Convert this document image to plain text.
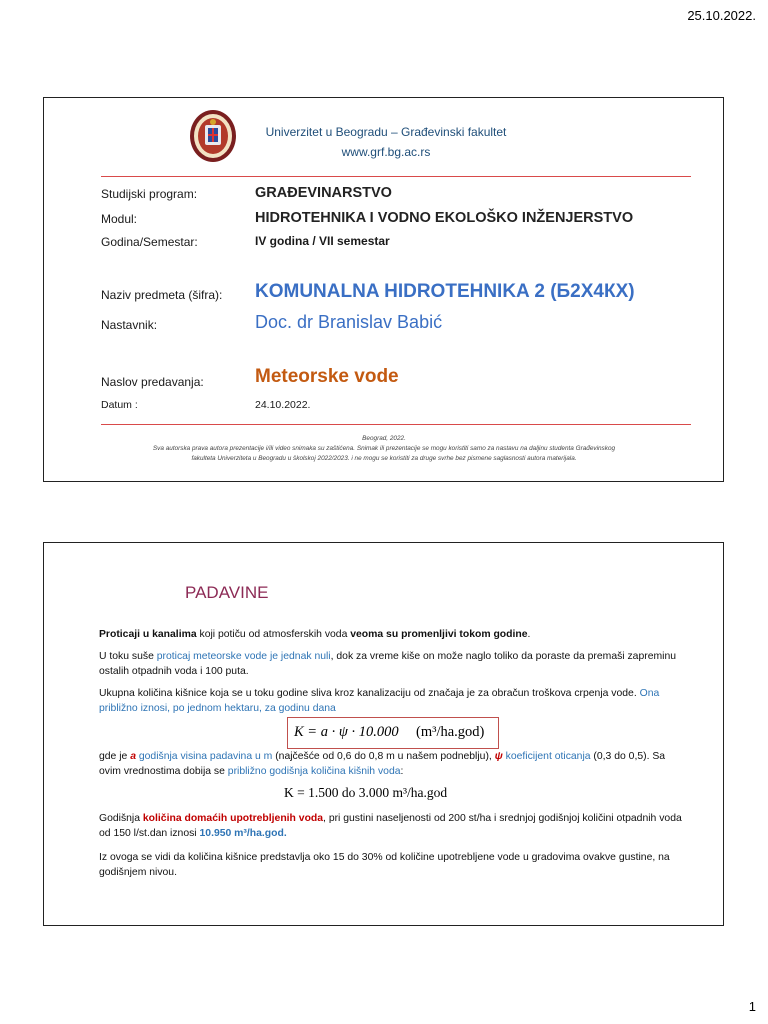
25.10.2022.
Univerzitet u Beogradu – Građevinski fakultet
www.grf.bg.ac.rs
Studijski program:	GRAĐEVINARSTVO
Modul:	HIDROTEHNIKA I VODNO EKOLOŠKO INŽENJERSTVO
Godina/Semestar:	IV godina / VII semestar
Naziv predmeta (šifra): KOMUNALNA HIDROTEHNIKA 2 (Б2Х4КХ)
Nastavnik:	Doc. dr Branislav Babić
Naslov predavanja:	Meteorske vode
Datum :	24.10.2022.
Beograd, 2022.
Sva autorska prava autora prezentacije i/ili video snimaka su zaštićena. Snimak ili prezentacije se mogu koristiti samo za nastavu na daljinu studenta Građevinskog
fakulteta Univerziteta u Beogradu u školskoj 2022/2023. i ne mogu se koristiti za druge svrhe bez pismene saglasnosti autora materijala.
PADAVINE
Proticaji u kanalima koji potiču od atmosferskih voda veoma su promenljivi tokom godine.
U toku suše proticaj meteorske vode je jednak nuli, dok za vreme kiše on može naglo toliko da poraste da premaši zapreminu ostalih otpadnih voda i 100 puta.
Ukupna količina kišnice koja se u toku godine sliva kroz kanalizaciju od značaja je za obračun troškova crpenja vode. Ona približno iznosi, po jednom hektaru, za godinu dana
K = a · ψ · 10.000 (m³/ha.god)
gde je a godišnja visina padavina u m (najčešće od 0,6 do 0,8 m u našem podneblju), ψ koeficijent oticanja (0,3 do 0,5). Sa ovim vrednostima dobija se približno godišnja količina kišnih voda:
K = 1.500 do 3.000 m³/ha.god
Godišnja količina domaćih upotrebljenih voda, pri gustini naseljenosti od 200 st/ha i srednjoj godišnjoj količini otpadnih voda od 150 l/st.dan iznosi 10.950 m³/ha.god.
Iz ovoga se vidi da količina kišnice predstavlja oko 15 do 30% od količine upotrebljene vode u gradovima ovakve gustine, na godišnjem nivou.
1
